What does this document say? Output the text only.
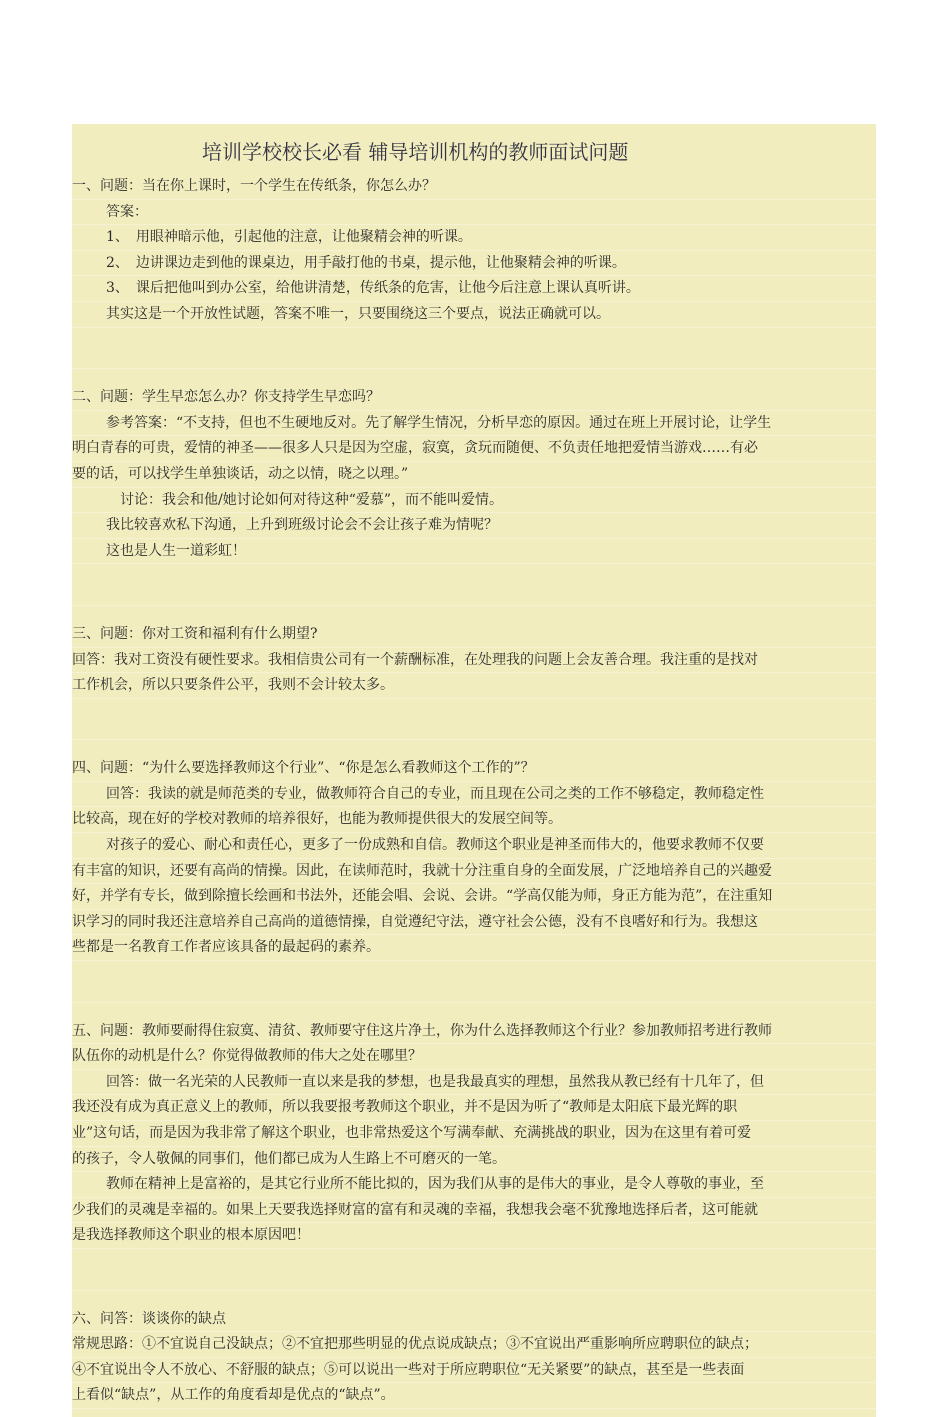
培训学校校长必看 辅导培训机构的教师面试问题

一、问题：当在你上课时，一个学生在传纸条，你怎么办？

答案：

1、　用眼神暗示他，引起他的注意，让他聚精会神的听课。

2、　边讲课边走到他的课桌边，用手敲打他的书桌，提示他，让他聚精会神的听课。

3、　课后把他叫到办公室，给他讲清楚，传纸条的危害，让他今后注意上课认真听讲。

其实这是一个开放性试题，答案不唯一，只要围绕这三个要点，说法正确就可以。

二、问题：学生早恋怎么办？你支持学生早恋吗？

参考答案：“不支持，但也不生硬地反对。先了解学生情况，分析早恋的原因。通过在班上开展讨论，让学生

明白青春的可贵，爱情的神圣——很多人只是因为空虚，寂寞，贪玩而随便、不负责任地把爱情当游戏……有必

要的话，可以找学生单独谈话，动之以情，晓之以理。”

讨论：我会和他/她讨论如何对待这种“爱慕”，而不能叫爱情。

我比较喜欢私下沟通，上升到班级讨论会不会让孩子难为情呢？

这也是人生一道彩虹！

三、问题：你对工资和福利有什么期望?

回答：我对工资没有硬性要求。我相信贵公司有一个薪酬标准，在处理我的问题上会友善合理。我注重的是找对

工作机会，所以只要条件公平，我则不会计较太多。

四、问题：“为什么要选择教师这个行业”、“你是怎么看教师这个工作的”？

回答：我读的就是师范类的专业，做教师符合自己的专业，而且现在公司之类的工作不够稳定，教师稳定性

比较高，现在好的学校对教师的培养很好，也能为教师提供很大的发展空间等。

对孩子的爱心、耐心和责任心，更多了一份成熟和自信。教师这个职业是神圣而伟大的，他要求教师不仅要

有丰富的知识，还要有高尚的情操。因此，在读师范时，我就十分注重自身的全面发展，广泛地培养自己的兴趣爱

好，并学有专长，做到除擅长绘画和书法外，还能会唱、会说、会讲。“学高仅能为师，身正方能为范”，在注重知

识学习的同时我还注意培养自己高尚的道德情操，自觉遵纪守法，遵守社会公德，没有不良嗜好和行为。我想这

些都是一名教育工作者应该具备的最起码的素养。

五、问题：教师要耐得住寂寞、清贫、教师要守住这片净土，你为什么选择教师这个行业？参加教师招考进行教师

队伍你的动机是什么？你觉得做教师的伟大之处在哪里？

回答：做一名光荣的人民教师一直以来是我的梦想，也是我最真实的理想，虽然我从教已经有十几年了，但

我还没有成为真正意义上的教师，所以我要报考教师这个职业，并不是因为听了“教师是太阳底下最光辉的职

业”这句话，而是因为我非常了解这个职业，也非常热爱这个写满奉献、充满挑战的职业，因为在这里有着可爱

的孩子，令人敬佩的同事们，他们都已成为人生路上不可磨灭的一笔。

教师在精神上是富裕的，是其它行业所不能比拟的，因为我们从事的是伟大的事业，是令人尊敬的事业，至

少我们的灵魂是幸福的。如果上天要我选择财富的富有和灵魂的幸福，我想我会毫不犹豫地选择后者，这可能就

是我选择教师这个职业的根本原因吧！

六、问答：谈谈你的缺点

常规思路：①不宜说自己没缺点；②不宜把那些明显的优点说成缺点；③不宜说出严重影响所应聘职位的缺点；

④不宜说出令人不放心、不舒服的缺点；⑤可以说出一些对于所应聘职位“无关紧要”的缺点，甚至是一些表面

上看似“缺点”，从工作的角度看却是优点的“缺点”。
